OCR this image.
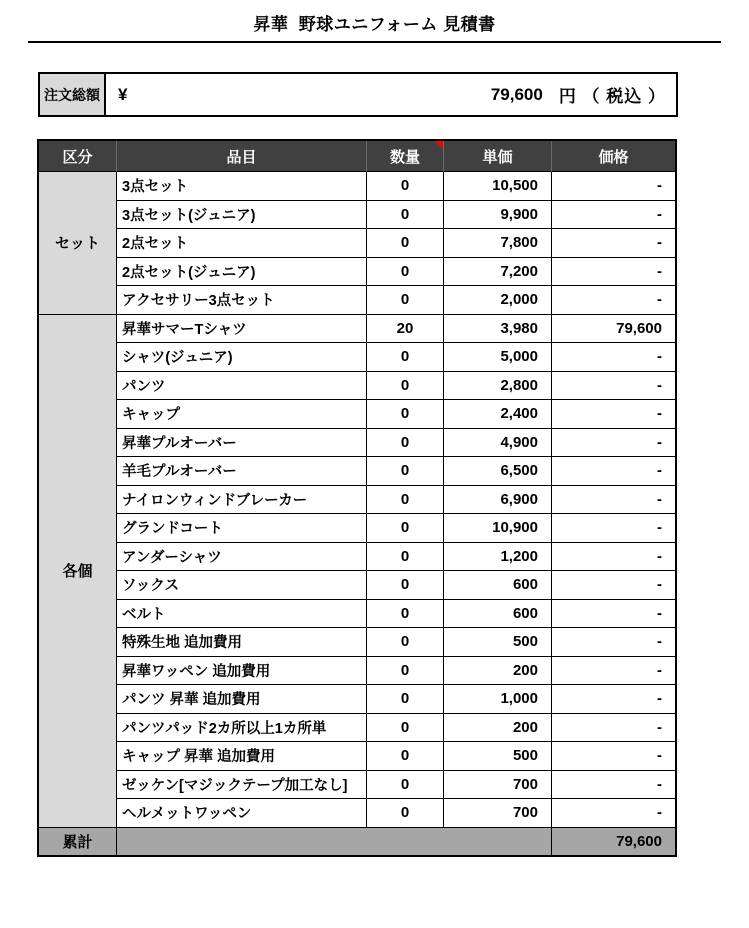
昇華  野球ユニフォーム 見積書
注文総額	¥	79,600 円 （ 税込 ）
区分	品目	数量	単価	価格
セット	3点セット	0	10,500	-
	3点セット(ジュニア)	0	9,900	-
	2点セット	0	7,800	-
	2点セット(ジュニア)	0	7,200	-
	アクセサリー3点セット	0	2,000	-
各個	昇華サマーTシャツ	20	3,980	79,600
	シャツ(ジュニア)	0	5,000	-
	パンツ	0	2,800	-
	キャップ	0	2,400	-
	昇華プルオーバー	0	4,900	-
	羊毛プルオーバー	0	6,500	-
	ナイロンウィンドブレーカー	0	6,900	-
	グランドコート	0	10,900	-
	アンダーシャツ	0	1,200	-
	ソックス	0	600	-
	ベルト	0	600	-
	特殊生地 追加費用	0	500	-
	昇華ワッペン 追加費用	0	200	-
	パンツ 昇華 追加費用	0	1,000	-
	パンツパッド2カ所以上1カ所単	0	200	-
	キャップ 昇華 追加費用	0	500	-
	ゼッケン[マジックテープ加工なし]	0	700	-
	ヘルメットワッペン	0	700	-
累計				79,600
